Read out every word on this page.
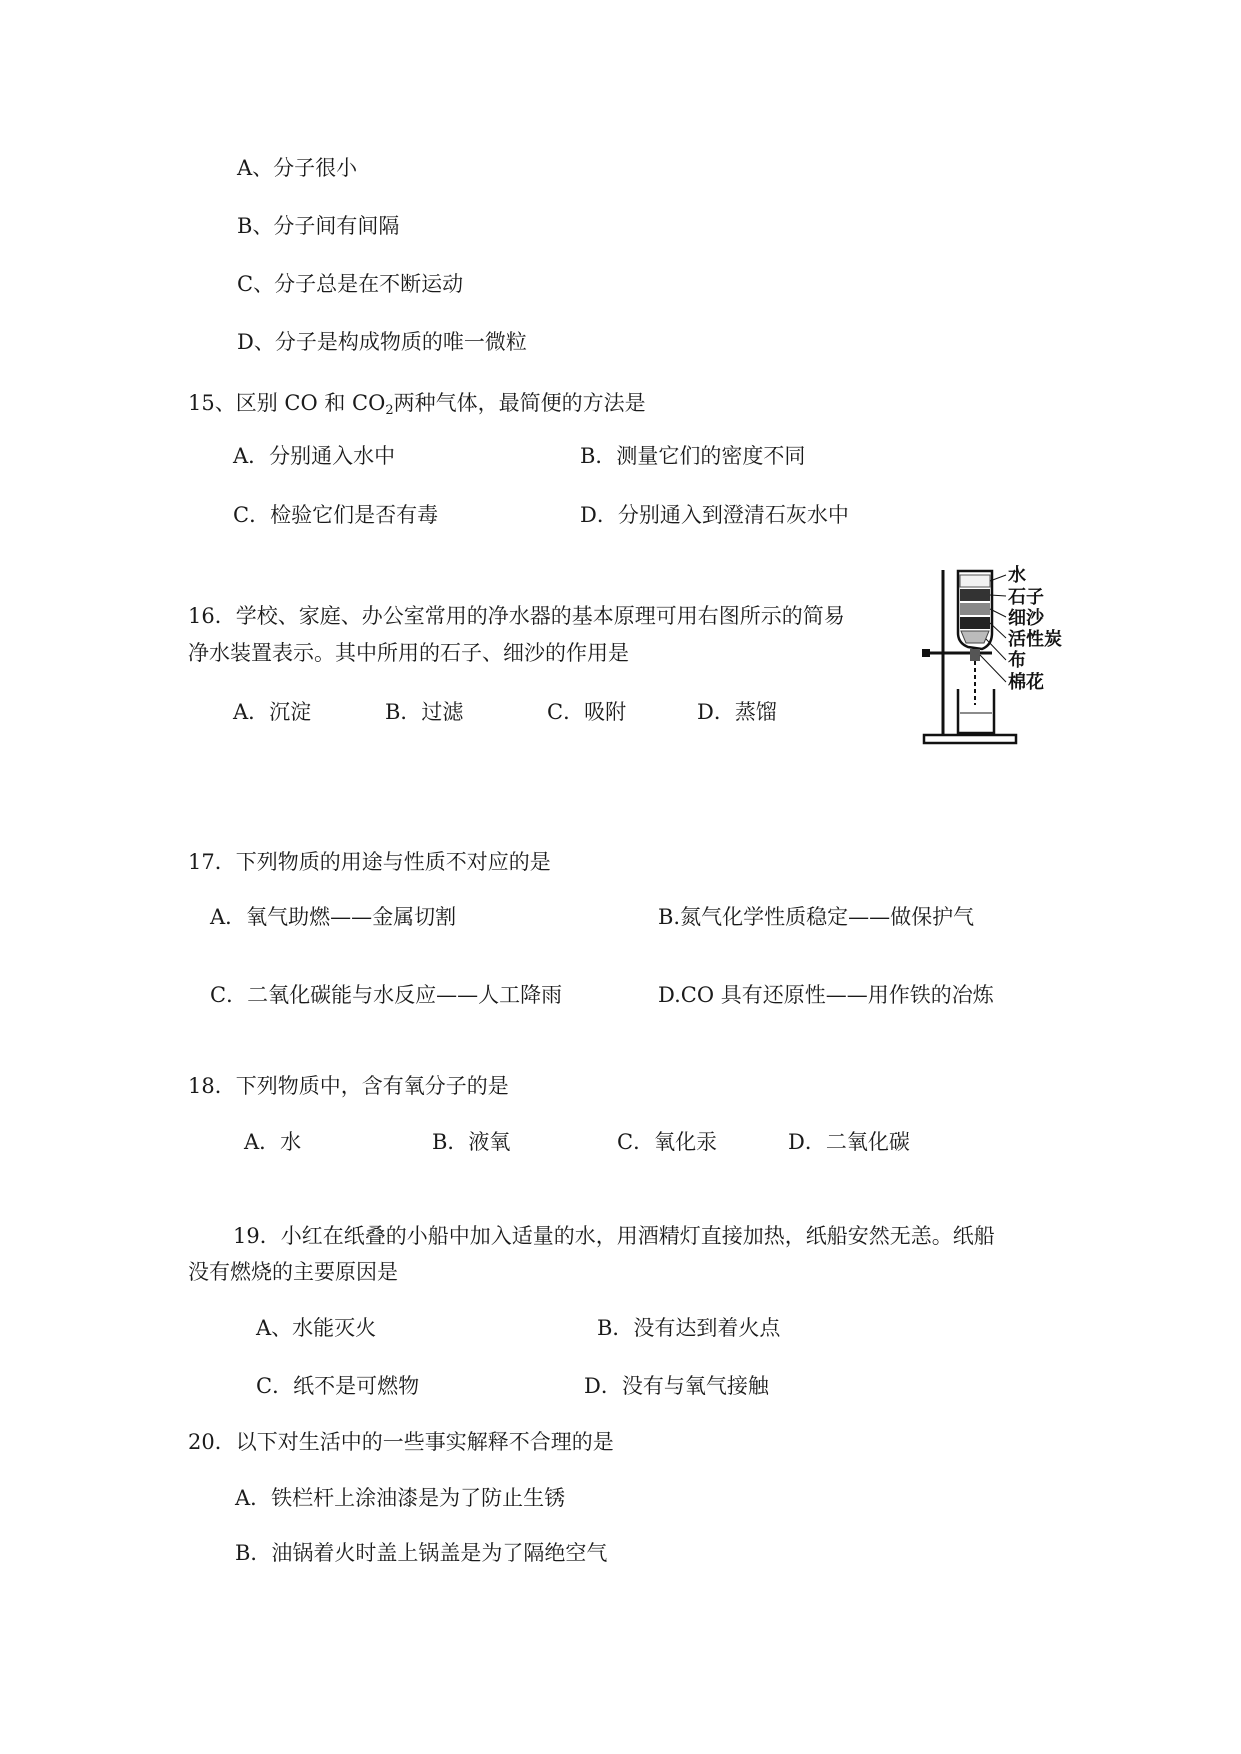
A、分子很小
B、分子间有间隔
C、分子总是在不断运动
D、分子是构成物质的唯一微粒
15、区别 CO 和 $CO_2$两种气体，最简便的方法是
A．分别通入水中	B．测量它们的密度不同
C．检验它们是否有毒	D．分别通入到澄清石灰水中
16．学校、家庭、办公室常用的净水器的基本原理可用右图所示的简易
净水装置表示。其中所用的石子、细沙的作用是
A．沉淀	B．过滤	C．吸附	D．蒸馏
水
石子
细沙
活性炭
布
棉花
17．下列物质的用途与性质不对应的是
A．氧气助燃——金属切割	B.氮气化学性质稳定——做保护气
C．二氧化碳能与水反应——人工降雨	D.CO 具有还原性——用作铁的冶炼
18．下列物质中，含有氧分子的是
A．水	B．液氧	C．氧化汞	D．二氧化碳
19．小红在纸叠的小船中加入适量的水，用酒精灯直接加热，纸船安然无恙。纸船
没有燃烧的主要原因是
A、水能灭火	B．没有达到着火点
C．纸不是可燃物	D．没有与氧气接触
20．以下对生活中的一些事实解释不合理的是
A．铁栏杆上涂油漆是为了防止生锈
B．油锅着火时盖上锅盖是为了隔绝空气
